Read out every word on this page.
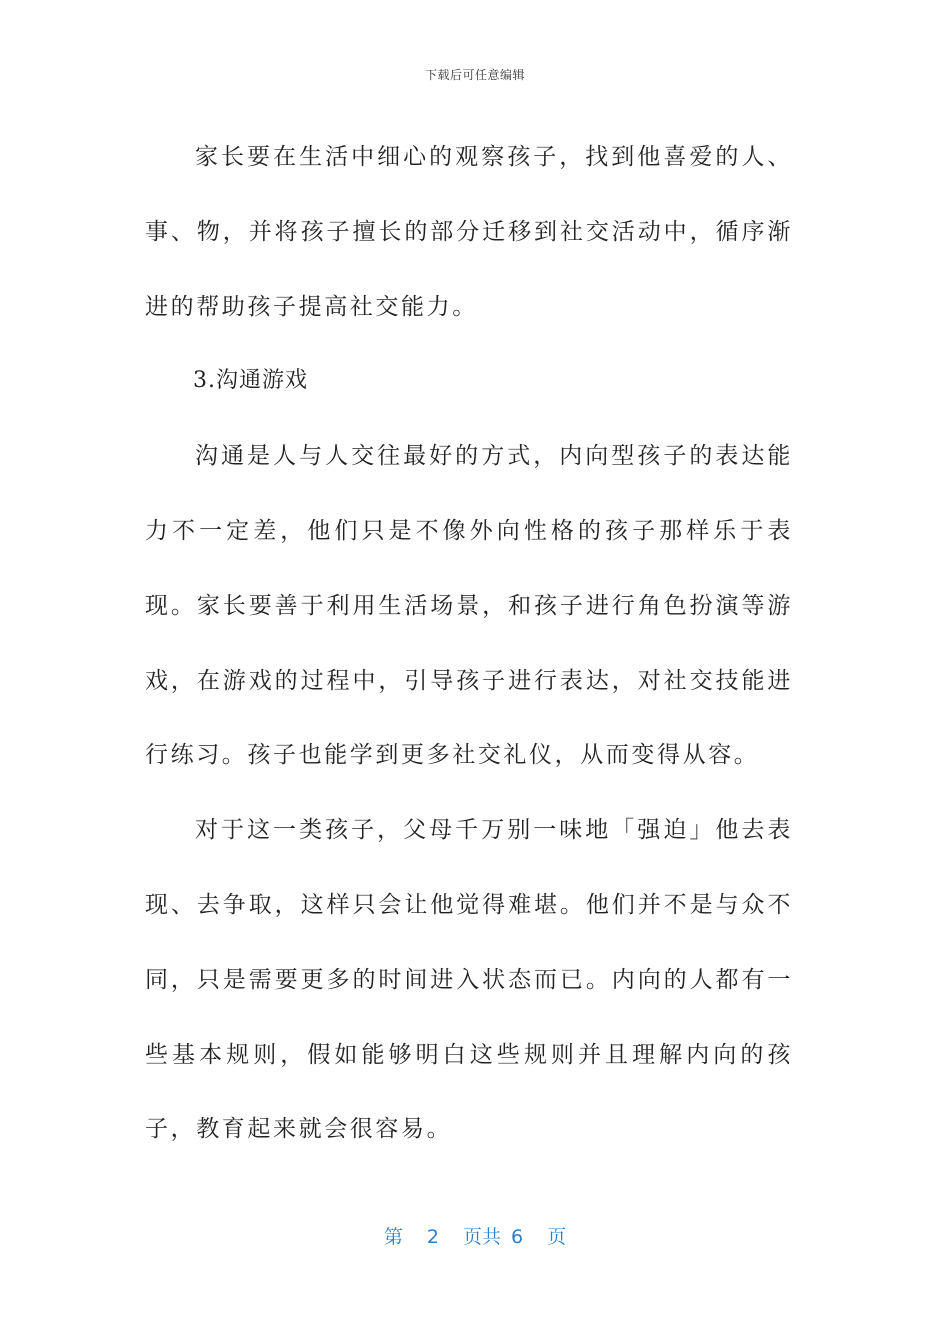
下载后可任意编辑

家长要在生活中细心的观察孩子，找到他喜爱的人、事、物，并将孩子擅长的部分迁移到社交活动中，循序渐进的帮助孩子提高社交能力。

3.沟通游戏

沟通是人与人交往最好的方式，内向型孩子的表达能力不一定差，他们只是不像外向性格的孩子那样乐于表现。家长要善于利用生活场景，和孩子进行角色扮演等游戏，在游戏的过程中，引导孩子进行表达，对社交技能进行练习。孩子也能学到更多社交礼仪，从而变得从容。

对于这一类孩子，父母千万别一味地「强迫」他去表现、去争取，这样只会让他觉得难堪。他们并不是与众不同，只是需要更多的时间进入状态而已。内向的人都有一些基本规则，假如能够明白这些规则并且理解内向的孩子，教育起来就会很容易。

第 2 页共 6 页
